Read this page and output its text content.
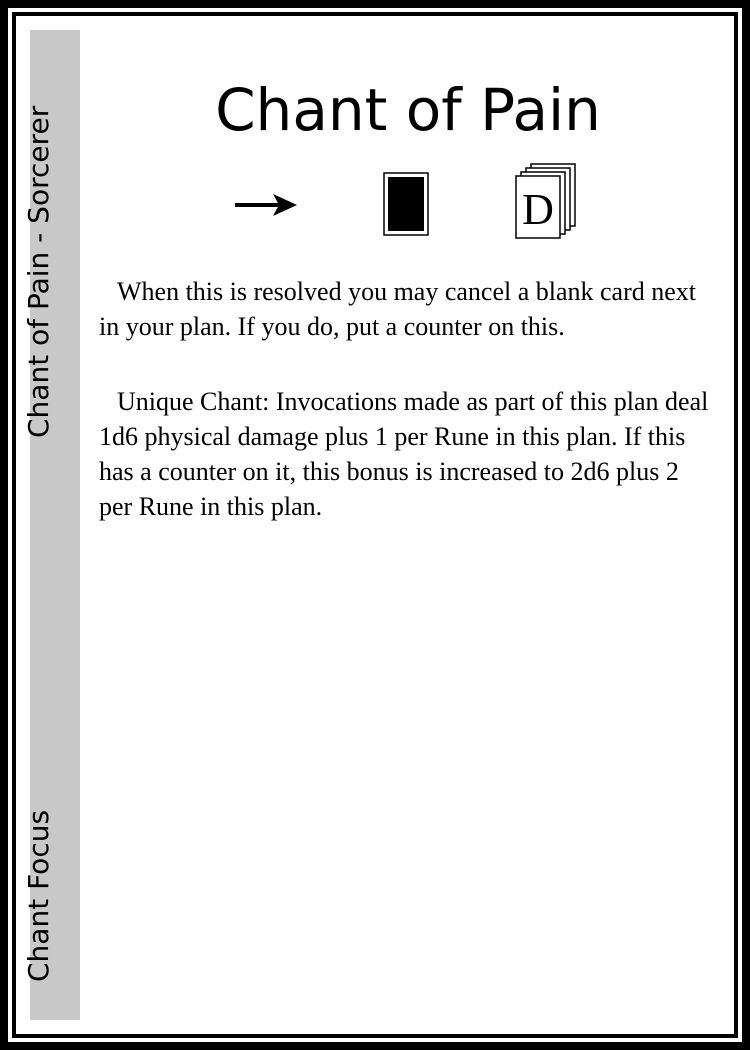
Chant of Pain - Sorcerer
Chant Focus
Chant of Pain
D

When this is resolved you may cancel a blank card next in your plan. If you do, put a counter on this.

Unique Chant: Invocations made as part of this plan deal 1d6 physical damage plus 1 per Rune in this plan. If this has a counter on it, this bonus is increased to 2d6 plus 2 per Rune in this plan.
